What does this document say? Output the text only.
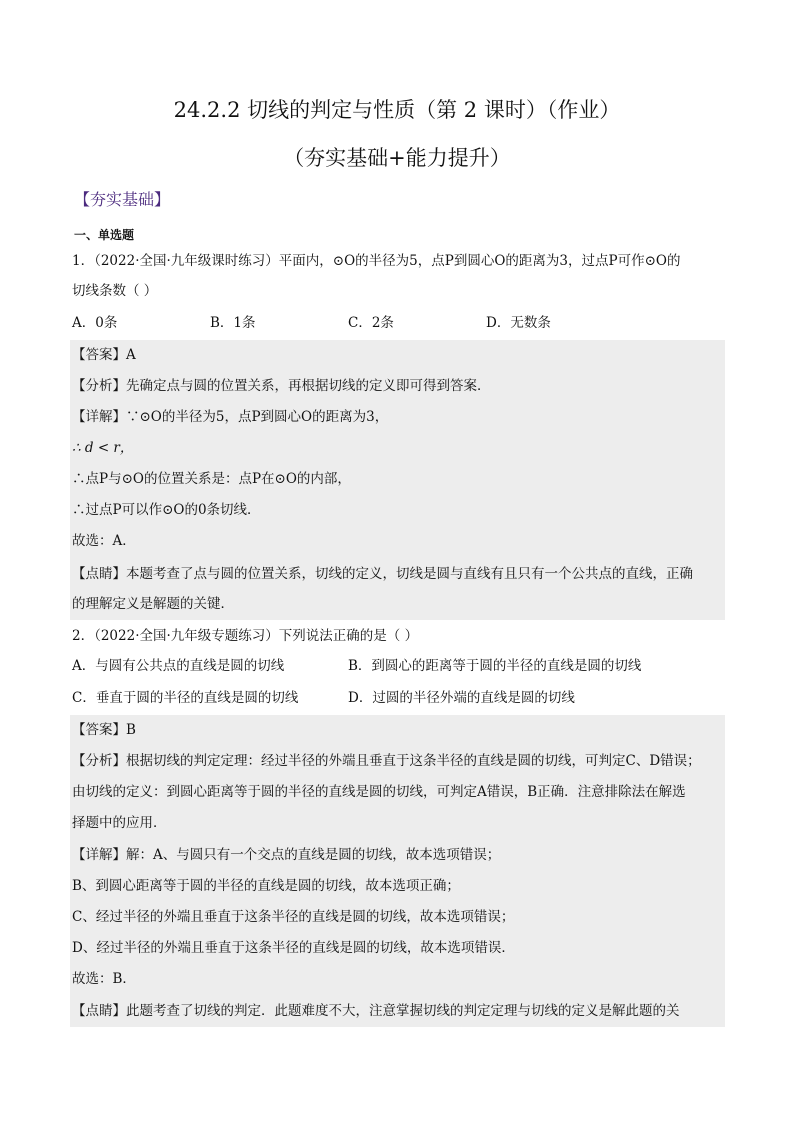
24.2.2 切线的判定与性质（第 2 课时）（作业）
（夯实基础+能力提升）
【夯实基础】
一、单选题
1．（2022·全国·九年级课时练习）平面内，⊙O的半径为5，点P到圆心O的距离为3，过点P可作⊙O的
切线条数（ ）
A．0条	B．1条	C．2条	D．无数条
【答案】A
【分析】先确定点与圆的位置关系，再根据切线的定义即可得到答案．
【详解】∵⊙O的半径为5，点P到圆心O的距离为3，
∴ d < r，
∴点P与⊙O的位置关系是：点P在⊙O的内部，
∴过点P可以作⊙O的0条切线．
故选：A．
【点睛】本题考查了点与圆的位置关系，切线的定义，切线是圆与直线有且只有一个公共点的直线，正确
的理解定义是解题的关键．
2．（2022·全国·九年级专题练习）下列说法正确的是（ ）
A．与圆有公共点的直线是圆的切线	B．到圆心的距离等于圆的半径的直线是圆的切线
C．垂直于圆的半径的直线是圆的切线	D．过圆的半径外端的直线是圆的切线
【答案】B
【分析】根据切线的判定定理：经过半径的外端且垂直于这条半径的直线是圆的切线，可判定C、D错误；
由切线的定义：到圆心距离等于圆的半径的直线是圆的切线，可判定A错误，B正确．注意排除法在解选
择题中的应用．
【详解】解：A、与圆只有一个交点的直线是圆的切线，故本选项错误；
B、到圆心距离等于圆的半径的直线是圆的切线，故本选项正确；
C、经过半径的外端且垂直于这条半径的直线是圆的切线，故本选项错误；
D、经过半径的外端且垂直于这条半径的直线是圆的切线，故本选项错误．
故选：B．
【点睛】此题考查了切线的判定．此题难度不大，注意掌握切线的判定定理与切线的定义是解此题的关
